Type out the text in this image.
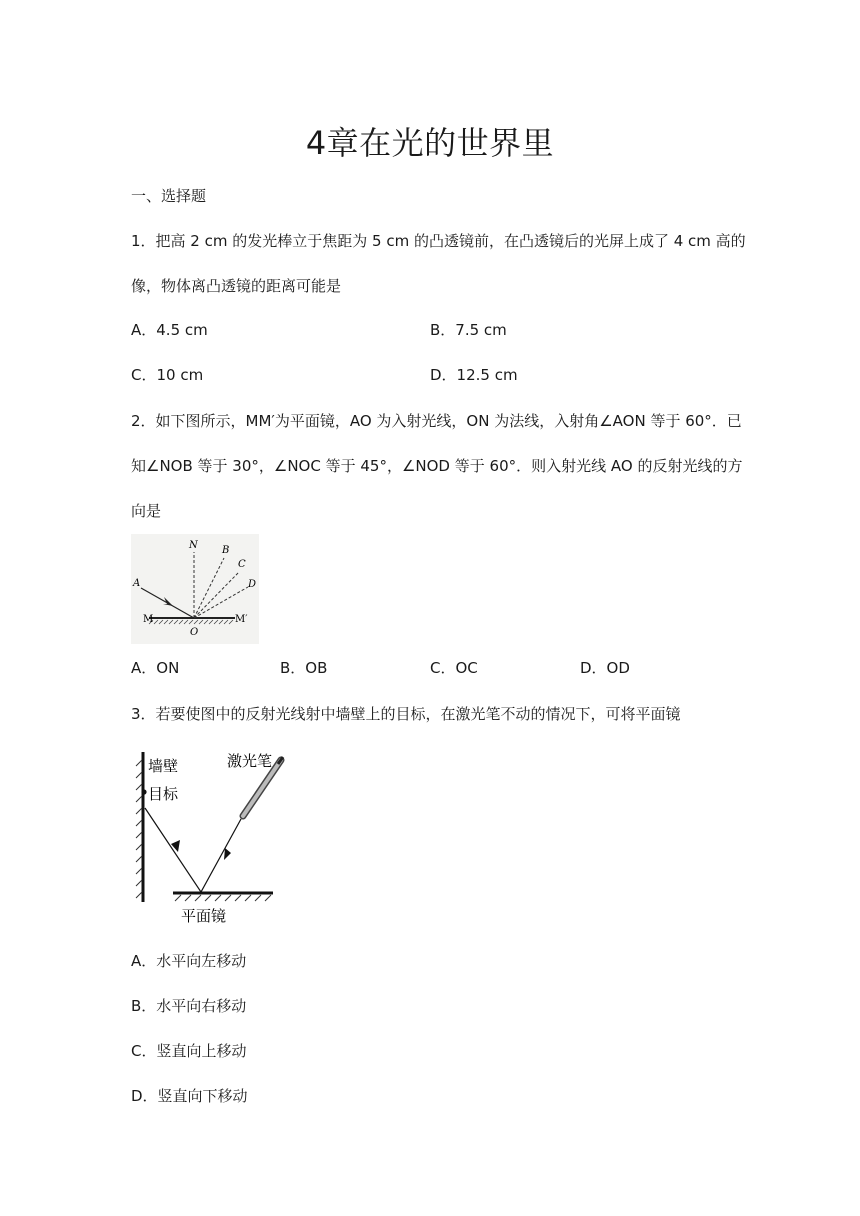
4章在光的世界里
一、选择题
1．把高 2 cm 的发光棒立于焦距为 5 cm 的凸透镜前，在凸透镜后的光屏上成了 4 cm 高的
像，物体离凸透镜的距离可能是
A．4.5 cm	B．7.5 cm
C．10 cm	D．12.5 cm
2．如下图所示，MM′为平面镜，AO 为入射光线，ON 为法线，入射角∠AON 等于 60°．已
知∠NOB 等于 30°，∠NOC 等于 45°，∠NOD 等于 60°．则入射光线 AO 的反射光线的方
向是
N B
C
D
A
M	M′
O
A．ON	B．OB	C．OC	D．OD
3．若要使图中的反射光线射中墙壁上的目标，在激光笔不动的情况下，可将平面镜
墙壁
目标
激光笔
平面镜
A．水平向左移动
B．水平向右移动
C．竖直向上移动
D．竖直向下移动
